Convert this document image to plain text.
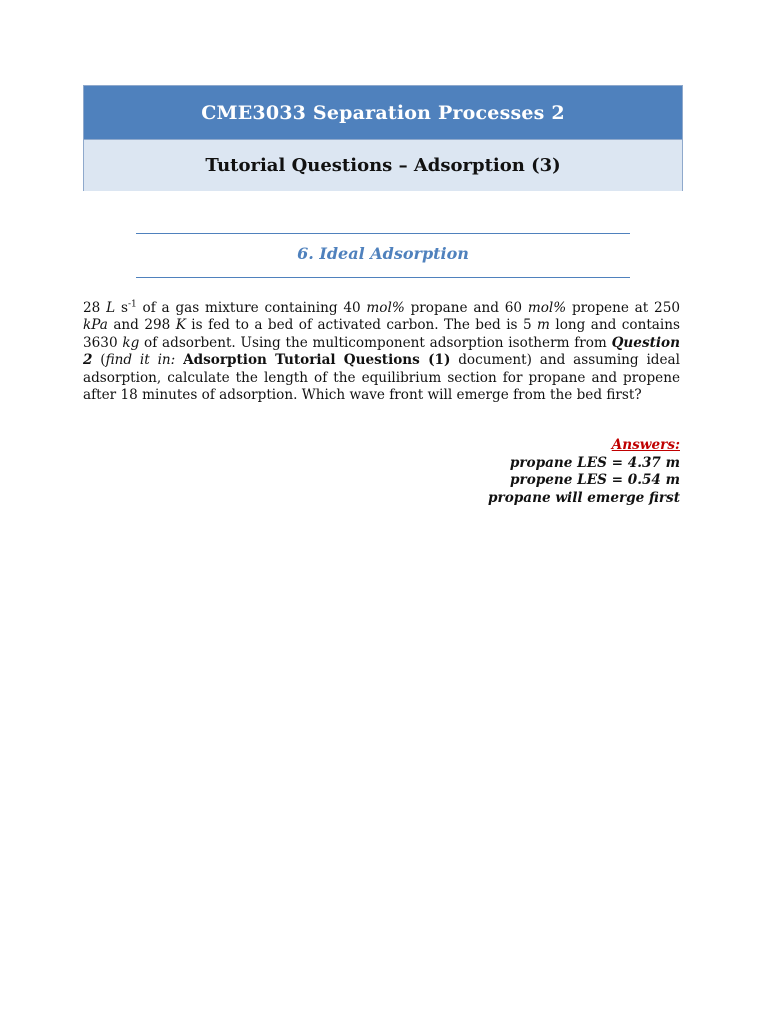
CME3033 Separation Processes 2
Tutorial Questions – Adsorption (3)
6. Ideal Adsorption
28 L $s^{-1}$ of a gas mixture containing 40 mol% propane and 60 mol% propene at 250 kPa and 298 K is fed to a bed of activated carbon. The bed is 5 m long and contains 3630 kg of adsorbent. Using the multicomponent adsorption isotherm from Question 2 (find it in: Adsorption Tutorial Questions (1) document) and assuming ideal adsorption, calculate the length of the equilibrium section for propane and propene after 18 minutes of adsorption. Which wave front will emerge from the bed first?
Answers:
propane LES = 4.37 m
propene LES = 0.54 m
propane will emerge first
